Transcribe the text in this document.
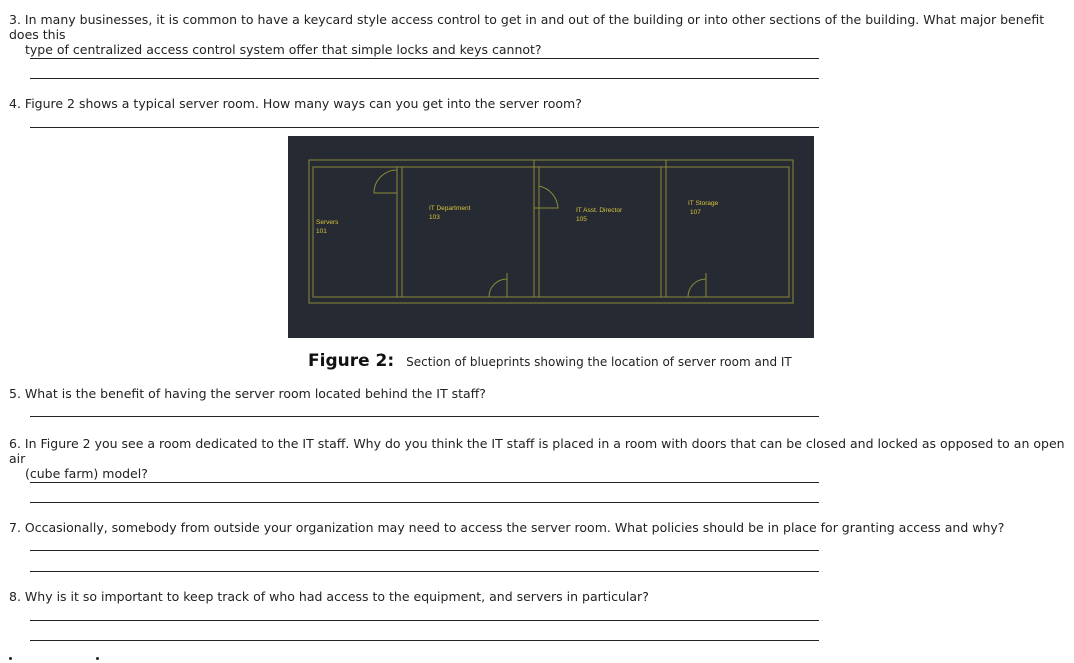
3. In many businesses, it is common to have a keycard style access control to get in and out of the building or into other sections of the building. What major benefit does this
type of centralized access control system offer that simple locks and keys cannot?
4. Figure 2 shows a typical server room. How many ways can you get into the server room?
Servers
101
IT Department
103
IT Asst. Director
105
IT Storage
107
Figure 2: Section of blueprints showing the location of server room and IT
5. What is the benefit of having the server room located behind the IT staff?
6. In Figure 2 you see a room dedicated to the IT staff. Why do you think the IT staff is placed in a room with doors that can be closed and locked as opposed to an open air
(cube farm) model?
7. Occasionally, somebody from outside your organization may need to access the server room. What policies should be in place for granting access and why?
8. Why is it so important to keep track of who had access to the equipment, and servers in particular?
